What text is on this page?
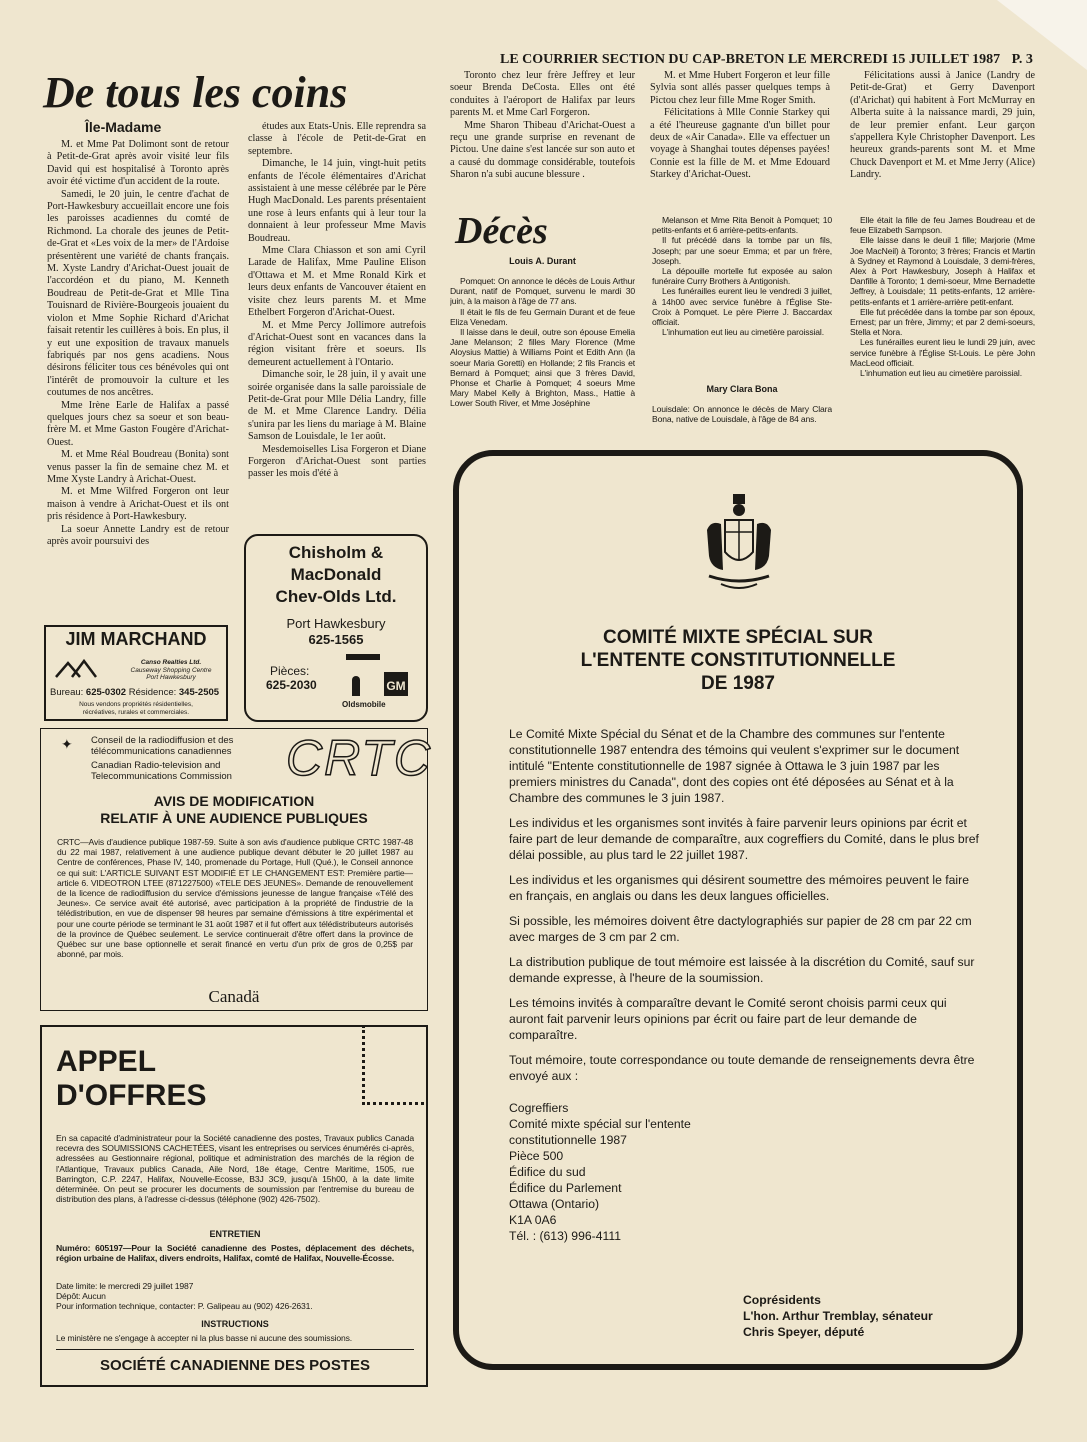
LE COURRIER SECTION DU CAP-BRETON LE MERCREDI 15 JUILLET 1987 P. 3
De tous les coins
Île-Madame

M. et Mme Pat Dolimont sont de retour à Petit-de-Grat après avoir visité leur fils David qui est hospitalisé à Toronto après avoir été victime d'un accident de la route.

Samedi, le 20 juin, le centre d'achat de Port-Hawkesbury accueillait encore une fois les paroisses acadiennes du comté de Richmond. La chorale des jeunes de Petit-de-Grat et «Les voix de la mer» de l'Ardoise présentèrent une variété de chants français. M. Xyste Landry d'Arichat-Ouest jouait de l'accordéon et du piano, M. Kenneth Boudreau de Petit-de-Grat et Mlle Tina Touisnard de Rivière-Bourgeois jouaient du violon et Mme Sophie Richard d'Arichat faisait retentir les cuillères à bois. En plus, il y eut une exposition de travaux manuels fabriqués par nos gens acadiens. Nous désirons féliciter tous ces bénévoles qui ont l'intérêt de promouvoir la culture et les coutumes de nos ancêtres.

Mme Irène Earle de Halifax a passé quelques jours chez sa soeur et son beau-frère M. et Mme Gaston Fougère d'Arichat-Ouest.

M. et Mme Réal Boudreau (Bonita) sont venus passer la fin de semaine chez M. et Mme Xyste Landry à Arichat-Ouest.

M. et Mme Wilfred Forgeron ont leur maison à vendre à Arichat-Ouest et ils ont pris résidence à Port-Hawkesbury.

La soeur Annette Landry est de retour après avoir poursuivi des

études aux Etats-Unis. Elle reprendra sa classe à l'école de Petit-de-Grat en septembre.

Dimanche, le 14 juin, vingt-huit petits enfants de l'école élémentaires d'Arichat assistaient à une messe célébrée par le Père Hugh MacDonald. Les parents présentaient une rose à leurs enfants qui à leur tour la donnaient à leur professeur Mme Mavis Boudreau.

Mme Clara Chiasson et son ami Cyril Larade de Halifax, Mme Pauline Elison d'Ottawa et M. et Mme Ronald Kirk et leurs deux enfants de Vancouver étaient en visite chez leurs parents M. et Mme Ethelbert Forgeron d'Arichat-Ouest.

M. et Mme Percy Jollimore autrefois d'Arichat-Ouest sont en vacances dans la région visitant frère et soeurs. Ils demeurent actuellement à l'Ontario.

Dimanche soir, le 28 juin, il y avait une soirée organisée dans la salle paroissiale de Petit-de-Grat pour Mlle Délia Landry, fille de M. et Mme Clarence Landry. Délia s'unira par les liens du mariage à M. Blaine Samson de Louisdale, le 1er août.

Mesdemoiselles Lisa Forgeron et Diane Forgeron d'Arichat-Ouest sont parties passer les mois d'été à

Toronto chez leur frère Jeffrey et leur soeur Brenda DeCosta. Elles ont été conduites à l'aéroport de Halifax par leurs parents M. et Mme Carl Forgeron.

Mme Sharon Thibeau d'Arichat-Ouest a reçu une grande surprise en revenant de Pictou. Une daine s'est lancée sur son auto et a causé du dommage considérable, toutefois Sharon n'a subi aucune blessure .

M. et Mme Hubert Forgeron et leur fille Sylvia sont allés passer quelques temps à Pictou chez leur fille Mme Roger Smith.

Félicitations à Mlle Connie Starkey qui a été l'heureuse gagnante d'un billet pour deux de «Air Canada». Elle va effectuer un voyage à Shanghai toutes dépenses payées! Connie est la fille de M. et Mme Edouard Starkey d'Arichat-Ouest.

Félicitations aussi à Janice (Landry de Petit-de-Grat) et Gerry Davenport (d'Arichat) qui habitent à Fort McMurray en Alberta suite à la naissance mardi, 29 juin, de leur premier enfant. Leur garçon s'appellera Kyle Christopher Davenport. Les heureux grands-parents sont M. et Mme Chuck Davenport et M. et Mme Jerry (Alice) Landry.

Décès
Louis A. Durant

Pomquet: On annonce le décès de Louis Arthur Durant, natif de Pomquet, survenu le mardi 30 juin, à la maison à l'âge de 77 ans.

Il était le fils de feu Germain Durant et de feue Eliza Venedam.

Il laisse dans le deuil, outre son épouse Emelia Jane Melanson; 2 filles Mary Florence (Mme Aloysius Mattie) à Williams Point et Edith Ann (la soeur Maria Goretti) en Hollande; 2 fils Francis et Bernard à Pomquet; ainsi que 3 frères David, Phonse et Charlie à Pomquet; 4 soeurs Mme Mary Mabel Kelly à Brighton, Mass., Hattie à Lower South River, et Mme Joséphine

Melanson et Mme Rita Benoit à Pomquet; 10 petits-enfants et 6 arrière-petits-enfants.

Il fut précédé dans la tombe par un fils, Joseph; par une soeur Emma; et par un frère, Joseph.

La dépouille mortelle fut exposée au salon funéraire Curry Brothers à Antigonish.

Les funérailles eurent lieu le vendredi 3 juillet, à 14h00 avec service funèbre à l'Église Ste-Croix à Pomquet. Le père Pierre J. Baccardax officiait.

L'inhumation eut lieu au cimetière paroissial.

Mary Clara Bona
Louisdale: On annonce le décès de Mary Clara Bona, native de Louisdale, à l'âge de 84 ans.

Elle était la fille de feu James Boudreau et de feue Elizabeth Sampson.

Elle laisse dans le deuil 1 fille; Marjorie (Mme Joe MacNeil) à Toronto; 3 frères; Francis et Martin à Sydney et Raymond à Louisdale, 3 demi-frères, Alex à Port Hawkesbury, Joseph à Halifax et Danfille à Toronto; 1 demi-soeur, Mme Bernadette Jeffrey, à Louisdale; 11 petits-enfants, 12 arrière-petits-enfants et 1 arrière-arrière petit-enfant.

Elle fut précédée dans la tombe par son époux, Ernest; par un frère, Jimmy; et par 2 demi-soeurs, Stella et Nora.

Les funérailles eurent lieu le lundi 29 juin, avec service funèbre à l'Église St-Louis. Le père John MacLeod officiait.

L'inhumation eut lieu au cimetière paroissial.

Chisholm &
MacDonald
Chev-Olds Ltd.
Port Hawkesbury
625-1565
Pièces:
625-2030
Oldsmobile
GM
JIM MARCHAND
Canso Realties Ltd.
Causeway Shopping Centre
Port Hawkesbury
Bureau: 625-0302 Résidence: 345-2505
Nous vendons propriétés résidentielles,
récréatives, rurales et commerciales.
✦ Conseil de la radiodiffusion et des
télécommunications canadiennes
Canadian Radio-television and
Telecommunications Commission	CRTC
AVIS DE MODIFICATION
RELATIF À UNE AUDIENCE PUBLIQUES
CRTC—Avis d'audience publique 1987-59. Suite à son avis d'audience publique CRTC 1987-48 du 22 mai 1987, relativement à une audience publique devant débuter le 20 juillet 1987 au Centre de conférences, Phase IV, 140, promenade du Portage, Hull (Qué.), le Conseil annonce ce qui suit: L'ARTICLE SUIVANT EST MODIFIÉ ET LE CHANGEMENT EST: Première partie—article 6. VIDEOTRON LTEE (871227500) «TELE DES JEUNES». Demande de renouvellement de la licence de radiodiffusion du service d'émissions jeunesse de langue française «Télé des Jeunes». Ce service avait été autorisé, avec participation à la propriété de l'industrie de la télédistribution, en vue de dispenser 98 heures par semaine d'émissions à titre expérimental et pour une courte période se terminant le 31 août 1987 et il fut offert aux télédistributeurs autorisés de la province de Québec seulement. Le service continuerait d'être offert dans la province de Québec sur une base optionnelle et serait financé en vertu d'un prix de gros de 0,25$ par abonné, par mois.
Canadä
APPEL
D'OFFRES
En sa capacité d'administrateur pour la Société canadienne des postes, Travaux publics Canada recevra des SOUMISSIONS CACHETÉES, visant les entreprises ou services énumérés ci-après, adressées au Gestionnaire régional, politique et administration des marchés de la région de l'Atlantique, Travaux publics Canada, Aile Nord, 18e étage, Centre Maritime, 1505, rue Barrington, C.P. 2247, Halifax, Nouvelle-Ecosse, B3J 3C9, jusqu'à 15h00, à la date limite déterminée. On peut se procurer les documents de soumission par l'entremise du bureau de distribution des plans, à l'adresse ci-dessus (téléphone (902) 426-7502).
ENTRETIEN
Numéro: 605197—Pour la Société canadienne des Postes, déplacement des déchets, région urbaine de Halifax, divers endroits, Halifax, comté de Halifax, Nouvelle-Écosse.
Date limite: le mercredi 29 juillet 1987
Dépôt: Aucun
Pour information technique, contacter: P. Galipeau au (902) 426-2631.
INSTRUCTIONS
Le ministère ne s'engage à accepter ni la plus basse ni aucune des soumissions.
SOCIÉTÉ CANADIENNE DES POSTES
COMITÉ MIXTE SPÉCIAL SUR
L'ENTENTE CONSTITUTIONNELLE
DE 1987

Le Comité Mixte Spécial du Sénat et de la Chambre des communes sur l'entente constitutionnelle 1987 entendra des témoins qui veulent s'exprimer sur le document intitulé "Entente constitutionnelle de 1987 signée à Ottawa le 3 juin 1987 par les premiers ministres du Canada", dont des copies ont été déposées au Sénat et à la Chambre des communes le 3 juin 1987.

Les individus et les organismes sont invités à faire parvenir leurs opinions par écrit et faire part de leur demande de comparaître, aux cogreffiers du Comité, dans le plus bref délai possible, au plus tard le 22 juillet 1987.

Les individus et les organismes qui désirent soumettre des mémoires peuvent le faire en français, en anglais ou dans les deux langues officielles.

Si possible, les mémoires doivent être dactylographiés sur papier de 28 cm par 22 cm avec marges de 3 cm par 2 cm.

La distribution publique de tout mémoire est laissée à la discrétion du Comité, sauf sur demande expresse, à l'heure de la soumission.

Les témoins invités à comparaître devant le Comité seront choisis parmi ceux qui auront fait parvenir leurs opinions par écrit ou faire part de leur demande de comparaître.

Tout mémoire, toute correspondance ou toute demande de renseignements devra être envoyé aux :

Cogreffiers
Comité mixte spécial sur l'entente
constitutionnelle 1987
Pièce 500
Édifice du sud
Édifice du Parlement
Ottawa (Ontario)
K1A 0A6
Tél. : (613) 996-4111
Coprésidents
L'hon. Arthur Tremblay, sénateur
Chris Speyer, député
